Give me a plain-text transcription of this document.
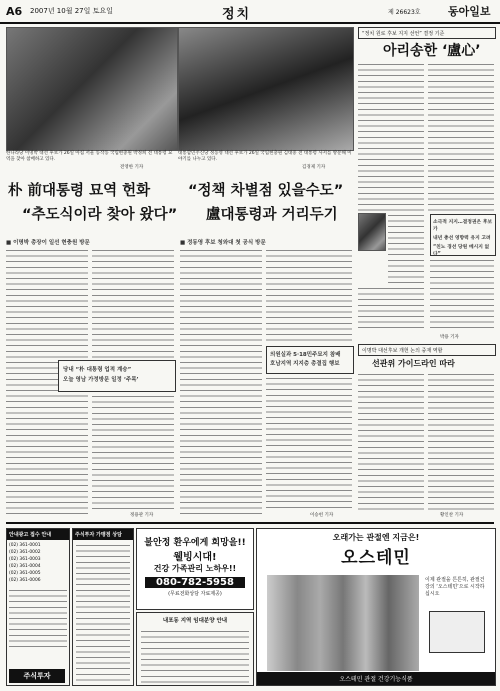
A6 2007년 10월 27일 토요일	정치	제 26623호 동아일보
한나라당 이명박 대선 후보가 26일 아침 서울 동작동 국립현충원 박정희 전 대통령 묘역을 찾아 참배하고 있다.
전영한 기자
대통합민주신당 정동영 대선 후보가 26일 국립현충원 김대중 전 대통령 사저를 방문해 이야기를 나누고 있다.
김경제 기자
朴 前대통령 묘역 헌화
“추도식이라 찾아 왔다”
“정책 차별점 있을수도”
盧대통령과 거리두기
■ 이명박 총장이 일선 현충원 방문
당내 “朴 대통령 업적 계승”
오늘 영남 가정방문 일정 ‘주목’
정용관 기자
■ 정동영 후보 청와대 첫 공식 방문
의원실과 5·18민주묘지 참배
호남지역 지지층 총결집 행보
이승헌 기자
“정치 원로 후보 지지 선언” 결정 기준
아리송한 ‘盧心’
소극적 지지…결정권은 후보가
내년 총선 영향력 유지 고려
“친노 경선 당원 메시지 없다”
박용 기자
이명박 대선후보 개헌 논의 중재 역할
선관위 가이드라인 따라
황인찬 기자
안내광고 접수 안내
(02) 361-0001
(02) 361-0002
(02) 361-0003
(02) 361-0004
(02) 361-0005
(02) 361-0006
주식투자
주식투자 가맹점 상담
불안정 환우에게 희망을!!
웰빙시대!
건강 가족관리 노하우!!
080-782-5958
(무료전화상담 자료제공)
내포동 지역 임대분양 안내
오래가는 관절엔 지금은!
오스테민
이제 관절을 튼튼히, 관절건강의 ‘오스테민’으로 시작하십시오
오스테민 관절 건강기능식품
